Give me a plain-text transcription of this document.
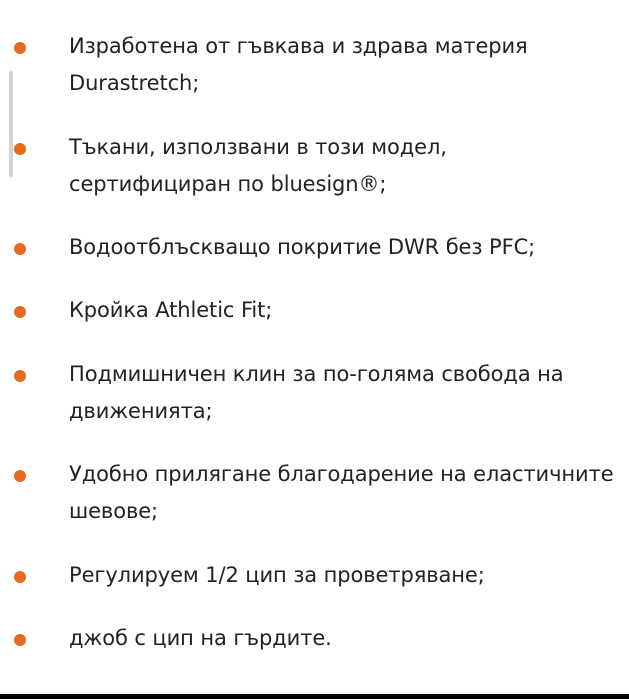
Изработена от гъвкава и здрава материя Durastretch;
Тъкани, използвани в този модел, сертифициран по bluesign®;
Водоотблъскващо покритие DWR без PFC;
Кройка Athletic Fit;
Подмишничен клин за по-голяма свобода на движенията;
Удобно прилягане благодарение на еластичните шевове;
Регулируем 1/2 цип за проветряване;
джоб с цип на гърдите.
